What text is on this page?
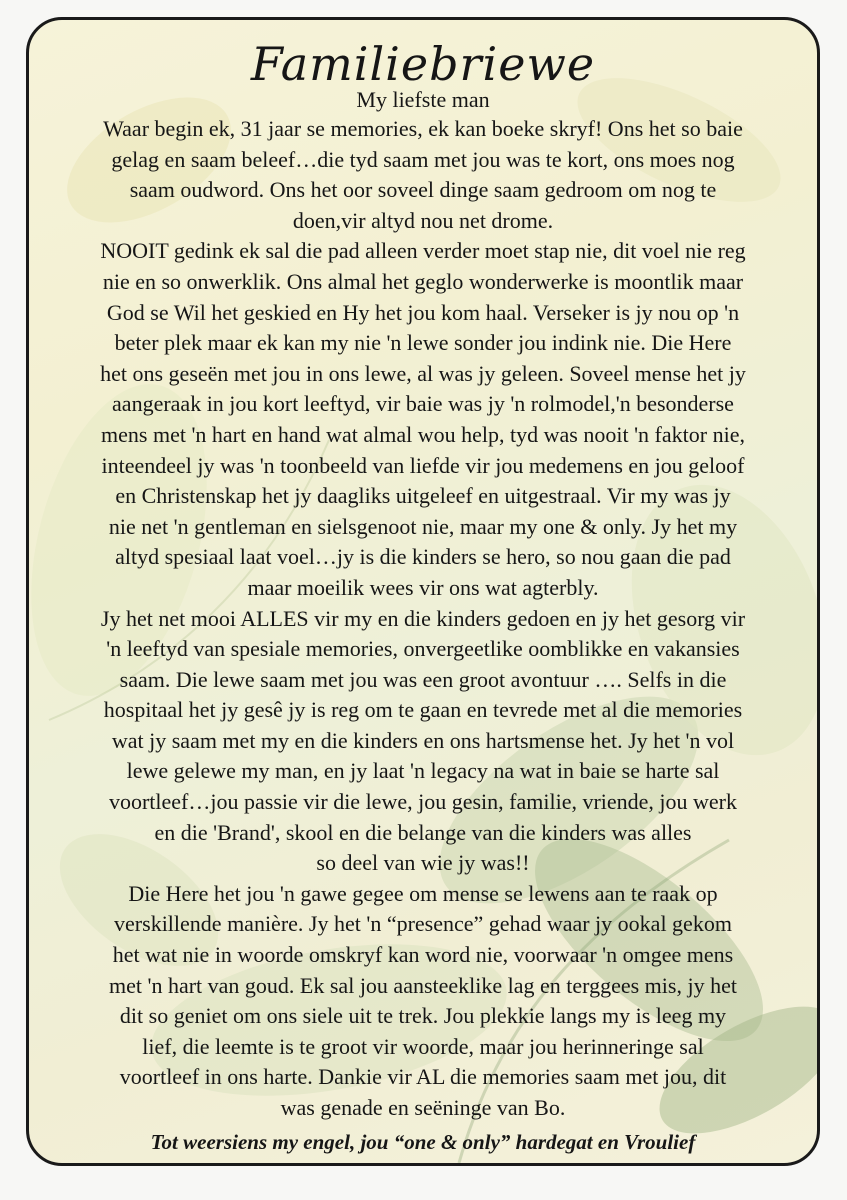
Familiebriewe
My liefste man
Waar begin ek, 31 jaar se memories, ek kan boeke skryf! Ons het so baie
gelag en saam beleef…die tyd saam met jou was te kort, ons moes nog
saam oudword. Ons het oor soveel dinge saam gedroom om nog te
doen,vir altyd nou net drome.
NOOIT gedink ek sal die pad alleen verder moet stap nie, dit voel nie reg
nie en so onwerklik. Ons almal het geglo wonderwerke is moontlik maar
God se Wil het geskied en Hy het jou kom haal. Verseker is jy nou op 'n
beter plek maar ek kan my nie 'n lewe sonder jou indink nie. Die Here
het ons geseën met jou in ons lewe, al was jy geleen. Soveel mense het jy
aangeraak in jou kort leeftyd, vir baie was jy 'n rolmodel,'n besonderse
mens met 'n hart en hand wat almal wou help, tyd was nooit 'n faktor nie,
inteendeel jy was 'n toonbeeld van liefde vir jou medemens en jou geloof
en Christenskap het jy daagliks uitgeleef en uitgestraal. Vir my was jy
nie net 'n gentleman en sielsgenoot nie, maar my one & only. Jy het my
altyd spesiaal laat voel…jy is die kinders se hero, so nou gaan die pad
maar moeilik wees vir ons wat agterbly.
Jy het net mooi ALLES vir my en die kinders gedoen en jy het gesorg vir
'n leeftyd van spesiale memories, onvergeetlike oomblikke en vakansies
saam. Die lewe saam met jou was een groot avontuur …. Selfs in die
hospitaal het jy gesê jy is reg om te gaan en tevrede met al die memories
wat jy saam met my en die kinders en ons hartsmense het. Jy het 'n vol
lewe gelewe my man, en jy laat 'n legacy na wat in baie se harte sal
voortleef…jou passie vir die lewe, jou gesin, familie, vriende, jou werk
en die 'Brand', skool en die belange van die kinders was alles
so deel van wie jy was!!
Die Here het jou 'n gawe gegee om mense se lewens aan te raak op
verskillende manière. Jy het 'n “presence” gehad waar jy ookal gekom
het wat nie in woorde omskryf kan word nie, voorwaar 'n omgee mens
met 'n hart van goud. Ek sal jou aansteeklike lag en terggees mis, jy het
dit so geniet om ons siele uit te trek. Jou plekkie langs my is leeg my
lief, die leemte is te groot vir woorde, maar jou herinneringe sal
voortleef in ons harte. Dankie vir AL die memories saam met jou, dit
was genade en seëninge van Bo.
Tot weersiens my engel, jou “one & only” hardegat en Vroulief
